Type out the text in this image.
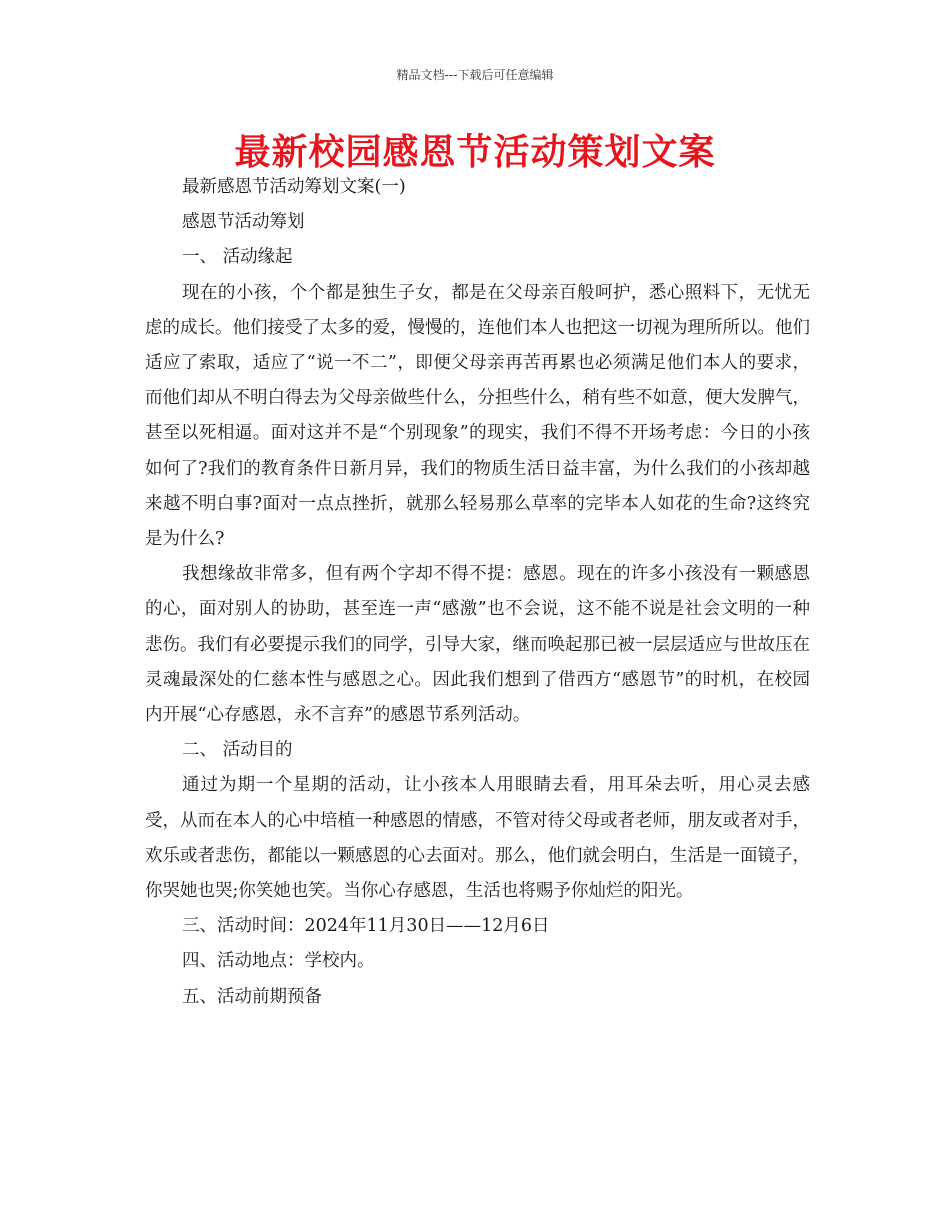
精品文档---下载后可任意编辑
最新校园感恩节活动策划文案

最新感恩节活动筹划文案(一)

感恩节活动筹划

一、 活动缘起

现在的小孩，个个都是独生子女，都是在父母亲百般呵护，悉心照料下，无忧无虑的成长。他们接受了太多的爱，慢慢的，连他们本人也把这一切视为理所所以。他们适应了索取，适应了“说一不二”，即便父母亲再苦再累也必须满足他们本人的要求，而他们却从不明白得去为父母亲做些什么，分担些什么，稍有些不如意，便大发脾气，甚至以死相逼。面对这并不是“个别现象”的现实，我们不得不开场考虑：今日的小孩如何了?我们的教育条件日新月异，我们的物质生活日益丰富，为什么我们的小孩却越来越不明白事?面对一点点挫折，就那么轻易那么草率的完毕本人如花的生命?这终究是为什么?

我想缘故非常多，但有两个字却不得不提：感恩。现在的许多小孩没有一颗感恩的心，面对别人的协助，甚至连一声“感激”也不会说，这不能不说是社会文明的一种悲伤。我们有必要提示我们的同学，引导大家，继而唤起那已被一层层适应与世故压在灵魂最深处的仁慈本性与感恩之心。因此我们想到了借西方“感恩节”的时机，在校园内开展“心存感恩，永不言弃”的感恩节系列活动。

二、 活动目的

通过为期一个星期的活动，让小孩本人用眼睛去看，用耳朵去听，用心灵去感受，从而在本人的心中培植一种感恩的情感，不管对待父母或者老师，朋友或者对手，欢乐或者悲伤，都能以一颗感恩的心去面对。那么，他们就会明白，生活是一面镜子，你哭她也哭;你笑她也笑。当你心存感恩，生活也将赐予你灿烂的阳光。

三、活动时间：2024年11月30日——12月6日

四、活动地点：学校内。

五、活动前期预备
